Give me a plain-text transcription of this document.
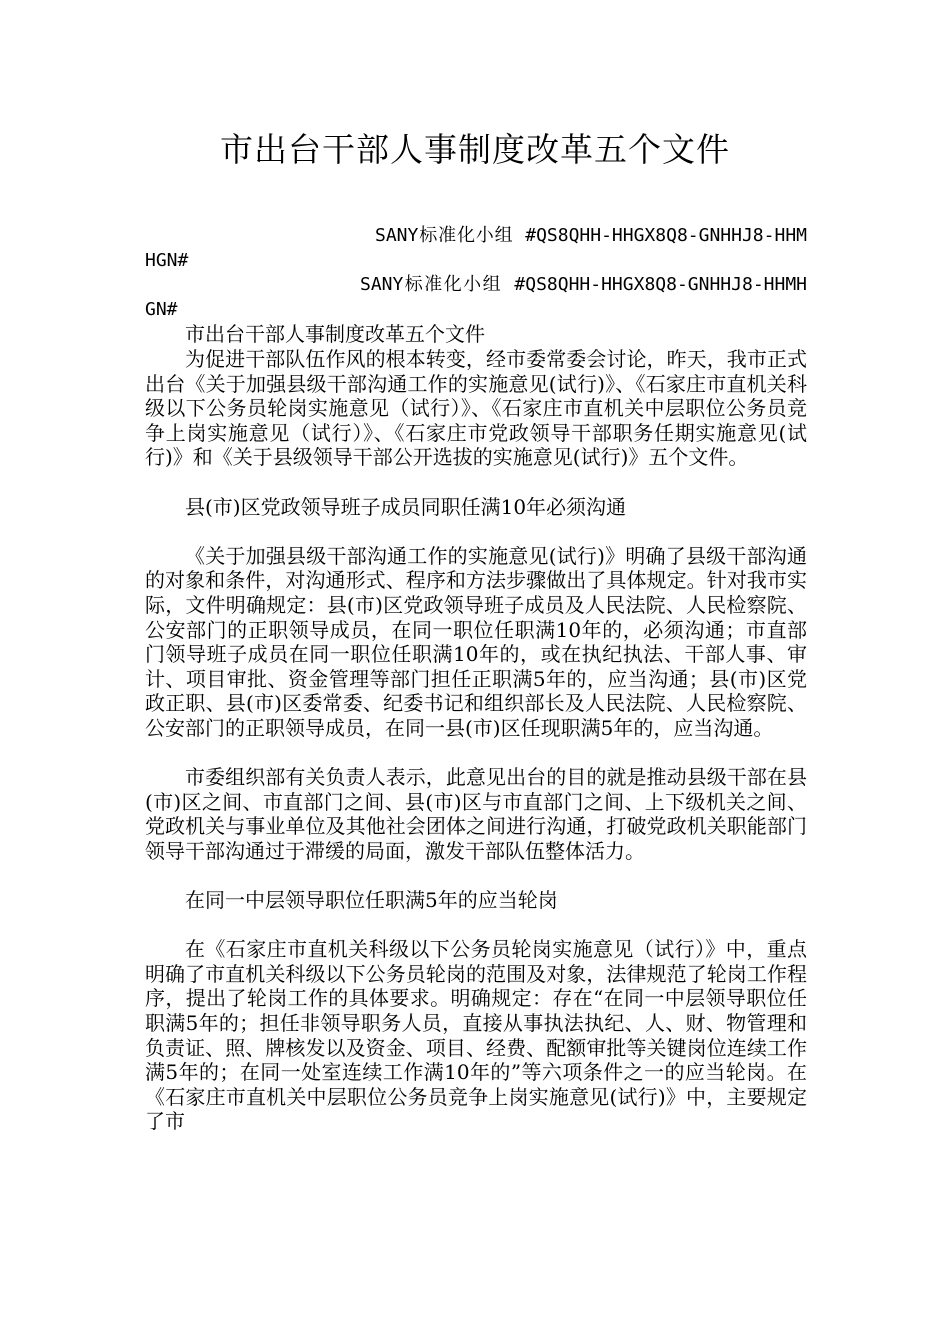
市出台干部人事制度改革五个文件

SANY标准化小组 #QS8QHH-HHGX8Q8-GNHHJ8-HHMHGN#

SANY标准化小组 #QS8QHH-HHGX8Q8-GNHHJ8-HHMHGN#

市出台干部人事制度改革五个文件

为促进干部队伍作风的根本转变，经市委常委会讨论，昨天，我市正式出台《关于加强县级干部沟通工作的实施意见(试行)》、《石家庄市直机关科级以下公务员轮岗实施意见（试行）》、《石家庄市直机关中层职位公务员竞争上岗实施意见（试行）》、《石家庄市党政领导干部职务任期实施意见(试行)》和《关于县级领导干部公开选拔的实施意见(试行)》五个文件。

县(市)区党政领导班子成员同职任满10年必须沟通

《关于加强县级干部沟通工作的实施意见(试行)》明确了县级干部沟通的对象和条件，对沟通形式、程序和方法步骤做出了具体规定。针对我市实际，文件明确规定：县(市)区党政领导班子成员及人民法院、人民检察院、公安部门的正职领导成员，在同一职位任职满10年的，必须沟通；市直部门领导班子成员在同一职位任职满10年的，或在执纪执法、干部人事、审计、项目审批、资金管理等部门担任正职满5年的，应当沟通；县(市)区党政正职、县(市)区委常委、纪委书记和组织部长及人民法院、人民检察院、公安部门的正职领导成员，在同一县(市)区任现职满5年的，应当沟通。

市委组织部有关负责人表示，此意见出台的目的就是推动县级干部在县(市)区之间、市直部门之间、县(市)区与市直部门之间、上下级机关之间、党政机关与事业单位及其他社会团体之间进行沟通，打破党政机关职能部门领导干部沟通过于滞缓的局面，激发干部队伍整体活力。

在同一中层领导职位任职满5年的应当轮岗

在《石家庄市直机关科级以下公务员轮岗实施意见（试行）》中，重点明确了市直机关科级以下公务员轮岗的范围及对象，法律规范了轮岗工作程序，提出了轮岗工作的具体要求。明确规定：存在“在同一中层领导职位任职满5年的；担任非领导职务人员，直接从事执法执纪、人、财、物管理和负责证、照、牌核发以及资金、项目、经费、配额审批等关键岗位连续工作满5年的；在同一处室连续工作满10年的”等六项条件之一的应当轮岗。在《石家庄市直机关中层职位公务员竞争上岗实施意见(试行)》中，主要规定了市
